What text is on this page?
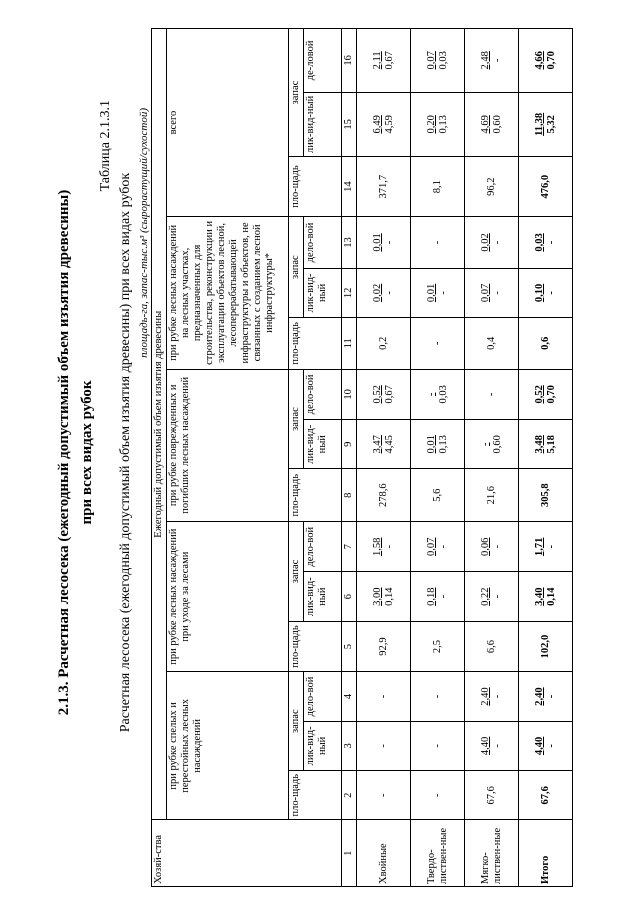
2.1.3. Расчетная лесосека (ежегодный допустимый объем изъятия древесины) при всех видах рубок
Таблица 2.1.3.1
Расчетная лесосека (ежегодный допустимый объем изъятия древесины) при всех видах рубок площадь-га, запас-тыс.м³ (сырорастущий/сухостой)
Хозяй-ства	Ежегодный допустимый объем изъятия древесины														
	при рубке спелых и перестойных лесных насаждений			при рубке лесных насаждений при уходе за лесами			при рубке поврежденных и погибших лесных насаждений			при рубке лесных насаждений на лесных участках, предназначенных для строительства, реконструкции и эксплуатации объектов лесной, лесоперерабатывающей инфраструктуры и объектов, не связанных с созданием лесной инфраструктуры*			всего		
	пло-щадь	запас		пло-щадь	запас		пло-щадь	запас		пло-щадь	запас		пло-щадь	запас	
		лик-вид-ный	дело-вой		лик-вид-ный	дело-вой		лик-вид-ный	дело-вой		лик-вид-ный	дело-вой		лик-вид-ный	де-ловой
1	2	3	4	5	6	7	8	9	10	11	12	13	14	15	16
Хвойные	-	-	-	92,9	3,00 0,14	1,58 -	278,6	3,47 4,45	0,52 0,67	0,2	0,02 -	0,01 -	371,7	6,49 4,59	2,11 0,67

Твердо-листвен-ные	-	-	-	2,5	0,18 -	0,07 -	5,6	0,01 0,13	- 0,03	-	0,01 -	-	8,1	0,20 0,13	0,07 0,03

Мягко-листвен-ные	67,6	4,40 -	2,40 -	6,6	0,22 -	0,06 -	21,6	- 0,60	-	0,4	0,07 -	0,02 -	96,2	4,69 0,60	2,48 -

Итого	67,6	4,40 -	2,40 -	102,0	3,40 0,14	1,71 -	305,8	3,48 5,18	0,52 0,70	0,6	0,10 -	0,03 -	476,0	11,38 5,32	4,66 0,70
